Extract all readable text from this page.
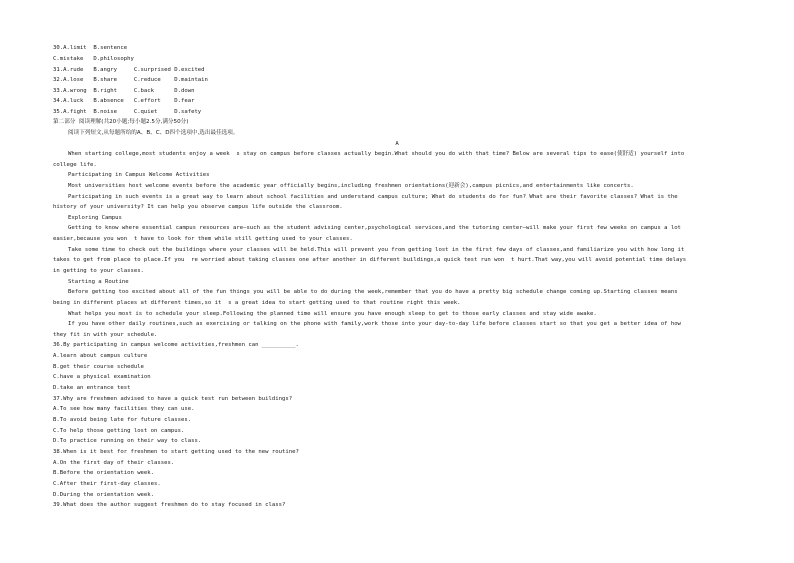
30.A.limit  B.sentence
C.mistake   D.philosophy
31.A.rude   B.angry     C.surprised D.excited
32.A.lose   B.share     C.reduce    D.maintain
33.A.wrong  B.right     C.back      D.down
34.A.luck   B.absence   C.effort    D.fear
35.A.fight  B.noise     C.quiet     D.safety
第二部分  阅读理解(共20小题;每小题2.5分,满分50分)
阅读下列短文,从每题所给的A、B、C、D四个选项中,选出最佳选项。
A
When starting college,most students enjoy a week  s stay on campus before classes actually begin.What should you do with that time? Below are several tips to ease(使舒适) yourself into
college life.
Participating in Campus Welcome Activities
Most universities host welcome events before the academic year officially begins,including freshmen orientations(迎新会),campus picnics,and entertainments like concerts.
Participating in such events is a great way to learn about school facilities and understand campus culture; What do students do for fun? What are their favorite classes? What is the
history of your university? It can help you observe campus life outside the classroom.
Exploring Campus
Getting to know where essential campus resources are—such as the student advising center,psychological services,and the tutoring center—will make your first few weeks on campus a lot
easier,because you won  t have to look for them while still getting used to your classes.
Take some time to check out the buildings where your classes will be held.This will prevent you from getting lost in the first few days of classes,and familiarize you with how long it
takes to get from place to place.If you  re worried about taking classes one after another in different buildings,a quick test run won  t hurt.That way,you will avoid potential time delays
in getting to your classes.
Starting a Routine
Before getting too excited about all of the fun things you will be able to do during the week,remember that you do have a pretty big schedule change coming up.Starting classes means
being in different places at different times,so it  s a great idea to start getting used to that routine right this week.
What helps you most is to schedule your sleep.Following the planned time will ensure you have enough sleep to get to those early classes and stay wide awake.
If you have other daily routines,such as exercising or talking on the phone with family,work those into your day-to-day life before classes start so that you get a better idea of how
they fit in with your schedule.
36.By participating in campus welcome activities,freshmen can __________.
A.learn about campus culture
B.get their course schedule
C.have a physical examination
D.take an entrance test
37.Why are freshmen advised to have a quick test run between buildings?
A.To see how many facilities they can use.
B.To avoid being late for future classes.
C.To help those getting lost on campus.
D.To practice running on their way to class.
38.When is it best for freshmen to start getting used to the new routine?
A.On the first day of their classes.
B.Before the orientation week.
C.After their first-day classes.
D.During the orientation week.
39.What does the author suggest freshmen do to stay focused in class?
